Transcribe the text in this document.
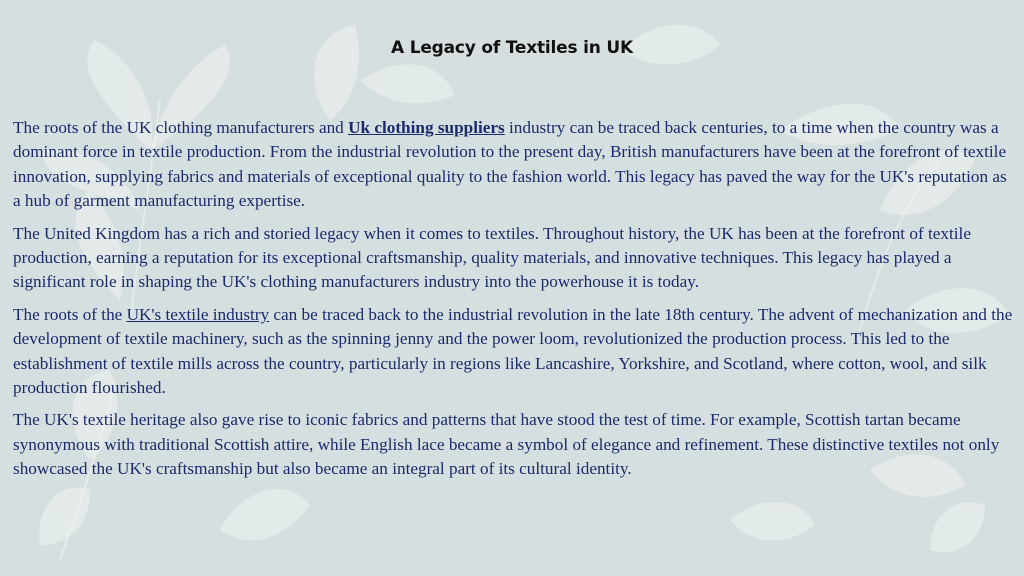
A Legacy of Textiles in UK

The roots of the UK clothing manufacturers and Uk clothing suppliers industry can be traced back centuries, to a time when the country was a dominant force in textile production. From the industrial revolution to the present day, British manufacturers have been at the forefront of textile innovation, supplying fabrics and materials of exceptional quality to the fashion world. This legacy has paved the way for the UK's reputation as a hub of garment manufacturing expertise.

The United Kingdom has a rich and storied legacy when it comes to textiles. Throughout history, the UK has been at the forefront of textile production, earning a reputation for its exceptional craftsmanship, quality materials, and innovative techniques. This legacy has played a significant role in shaping the UK's clothing manufacturers industry into the powerhouse it is today.

The roots of the UK's textile industry can be traced back to the industrial revolution in the late 18th century. The advent of mechanization and the development of textile machinery, such as the spinning jenny and the power loom, revolutionized the production process. This led to the establishment of textile mills across the country, particularly in regions like Lancashire, Yorkshire, and Scotland, where cotton, wool, and silk production flourished.

The UK's textile heritage also gave rise to iconic fabrics and patterns that have stood the test of time. For example, Scottish tartan became synonymous with traditional Scottish attire, while English lace became a symbol of elegance and refinement. These distinctive textiles not only showcased the UK's craftsmanship but also became an integral part of its cultural identity.
